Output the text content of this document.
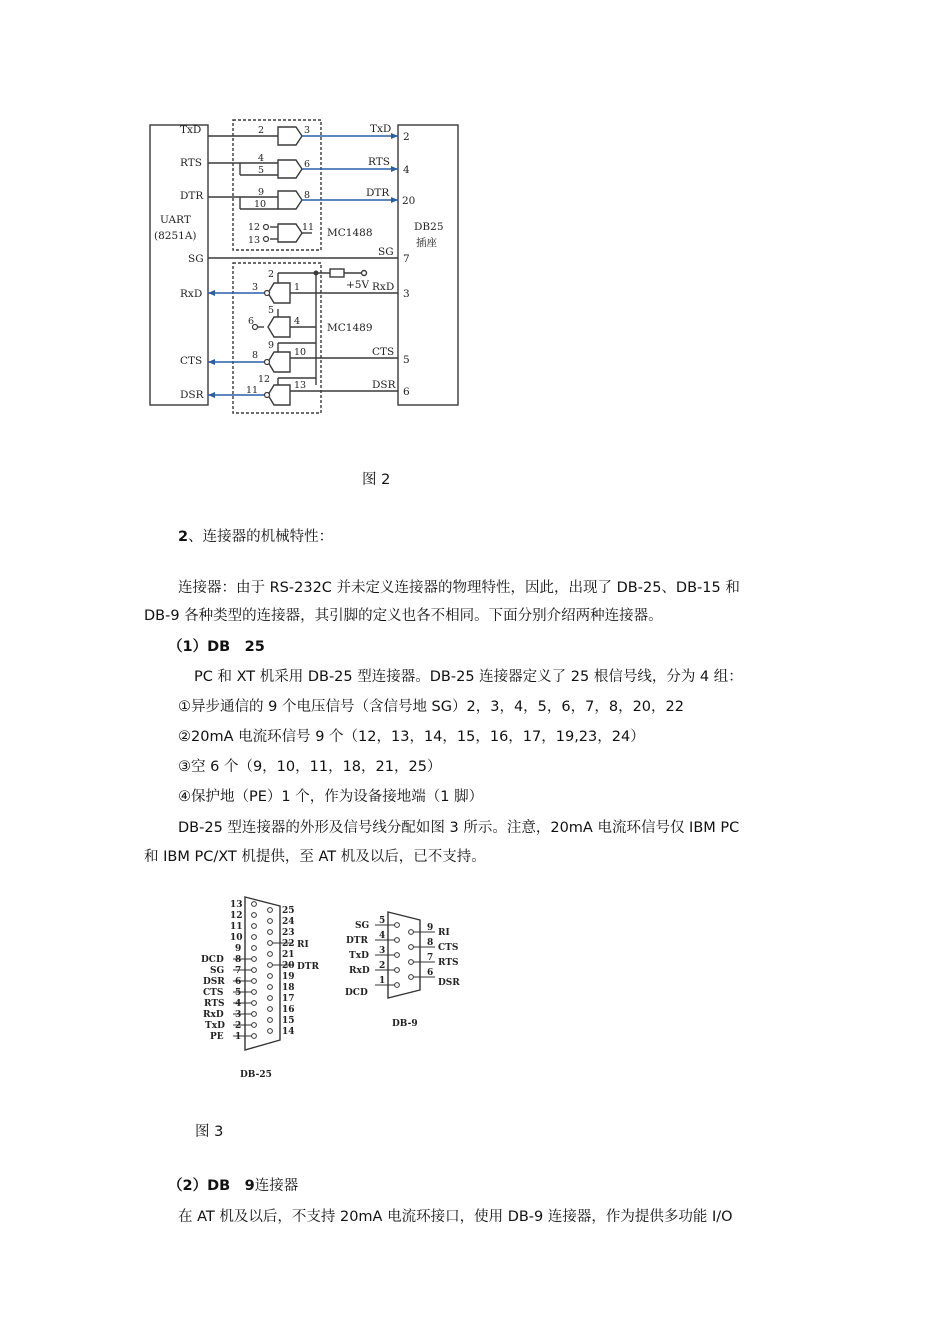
TxD
RTS
DTR
SG
RxD
CTS
DSR
UART
(8251A)
TxD
RTS
DTR
SG
RxD
CTS
DSR
2
4
20
7
3
5
6
DB25
插座
MC1488
MC1489
+5V
2	3
4
5
6
9
10
8
12
13
11
2
1
3
5
4
6
9
10
8
12
13
11
图 2
2、连接器的机械特性：
连接器：由于 RS-232C 并未定义连接器的物理特性，因此，出现了 DB-25、DB-15 和
DB-9 各种类型的连接器，其引脚的定义也各不相同。下面分别介绍两种连接器。
（1）DB　25
PC 和 XT 机采用 DB-25 型连接器。DB-25 连接器定义了 25 根信号线，分为 4 组：
①异步通信的 9 个电压信号（含信号地 SG）2，3，4，5，6，7，8，20，22
②20mA 电流环信号 9 个（12，13，14，15，16，17，19,23，24）
③空 6 个（9，10，11，18，21，25）
④保护地（PE）1 个，作为设备接地端（1 脚）
DB-25 型连接器的外形及信号线分配如图 3 所示。注意，20mA 电流环信号仅 IBM PC
和 IBM PC/XT 机提供，至 AT 机及以后，已不支持。
13
12
11
10
9
8
7
6
5
4
3
2
1
25
24
23
22
21
20
19
18
17
16
15
14
DCD
SG
DSR
CTS
RTS
RxD
TxD
PE
RI
DTR
DB-25
5
4
3
2
1
9
8
7
6
SG
DTR
TxD
RxD
DCD
RI
CTS
RTS
DSR
DB-9
图 3
（2）DB　9连接器
在 AT 机及以后，不支持 20mA 电流环接口，使用 DB-9 连接器，作为提供多功能 I/O
